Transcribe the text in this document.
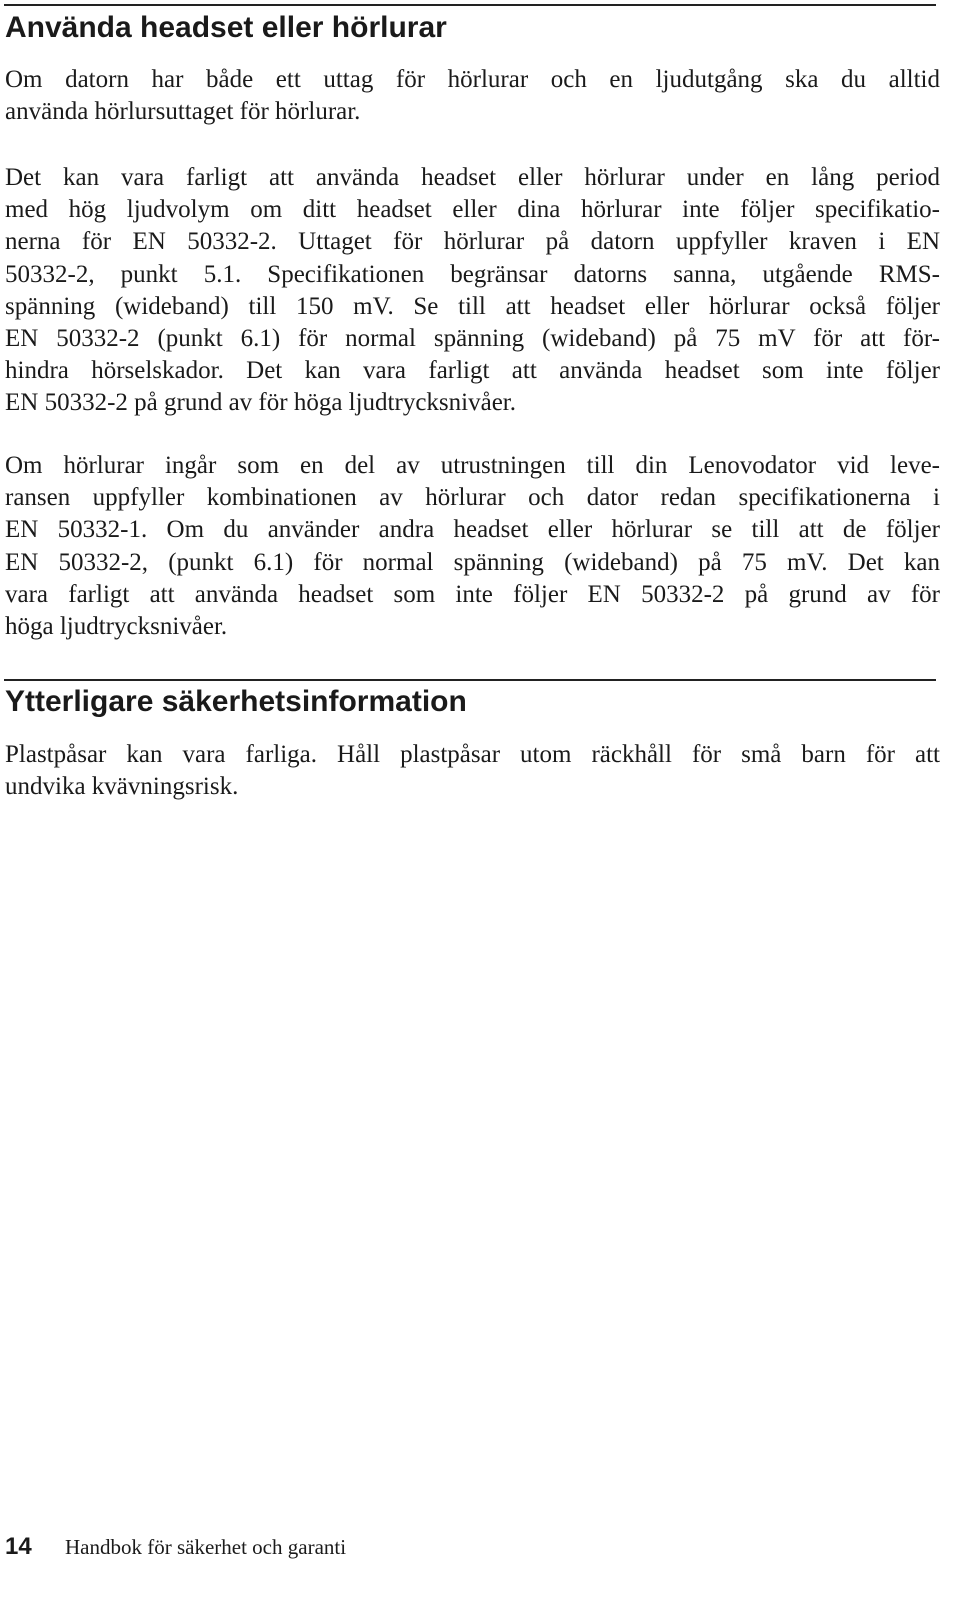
Använda headset eller hörlurar

Om datorn har både ett uttag för hörlurar och en ljudutgång ska du alltid
använda hörlursuttaget för hörlurar.

Det kan vara farligt att använda headset eller hörlurar under en lång period
med hög ljudvolym om ditt headset eller dina hörlurar inte följer specifikatio-
nerna för EN 50332-2. Uttaget för hörlurar på datorn uppfyller kraven i EN
50332-2, punkt 5.1. Specifikationen begränsar datorns sanna, utgående RMS-
spänning (wideband) till 150 mV. Se till att headset eller hörlurar också följer
EN 50332-2 (punkt 6.1) för normal spänning (wideband) på 75 mV för att för-
hindra hörselskador. Det kan vara farligt att använda headset som inte följer
EN 50332-2 på grund av för höga ljudtrycksnivåer.

Om hörlurar ingår som en del av utrustningen till din Lenovodator vid leve-
ransen uppfyller kombinationen av hörlurar och dator redan specifikationerna i
EN 50332-1. Om du använder andra headset eller hörlurar se till att de följer
EN 50332-2, (punkt 6.1) för normal spänning (wideband) på 75 mV. Det kan
vara farligt att använda headset som inte följer EN 50332-2 på grund av för
höga ljudtrycksnivåer.

Ytterligare säkerhetsinformation

Plastpåsar kan vara farliga. Håll plastpåsar utom räckhåll för små barn för att
undvika kvävningsrisk.

14 Handbok för säkerhet och garanti
